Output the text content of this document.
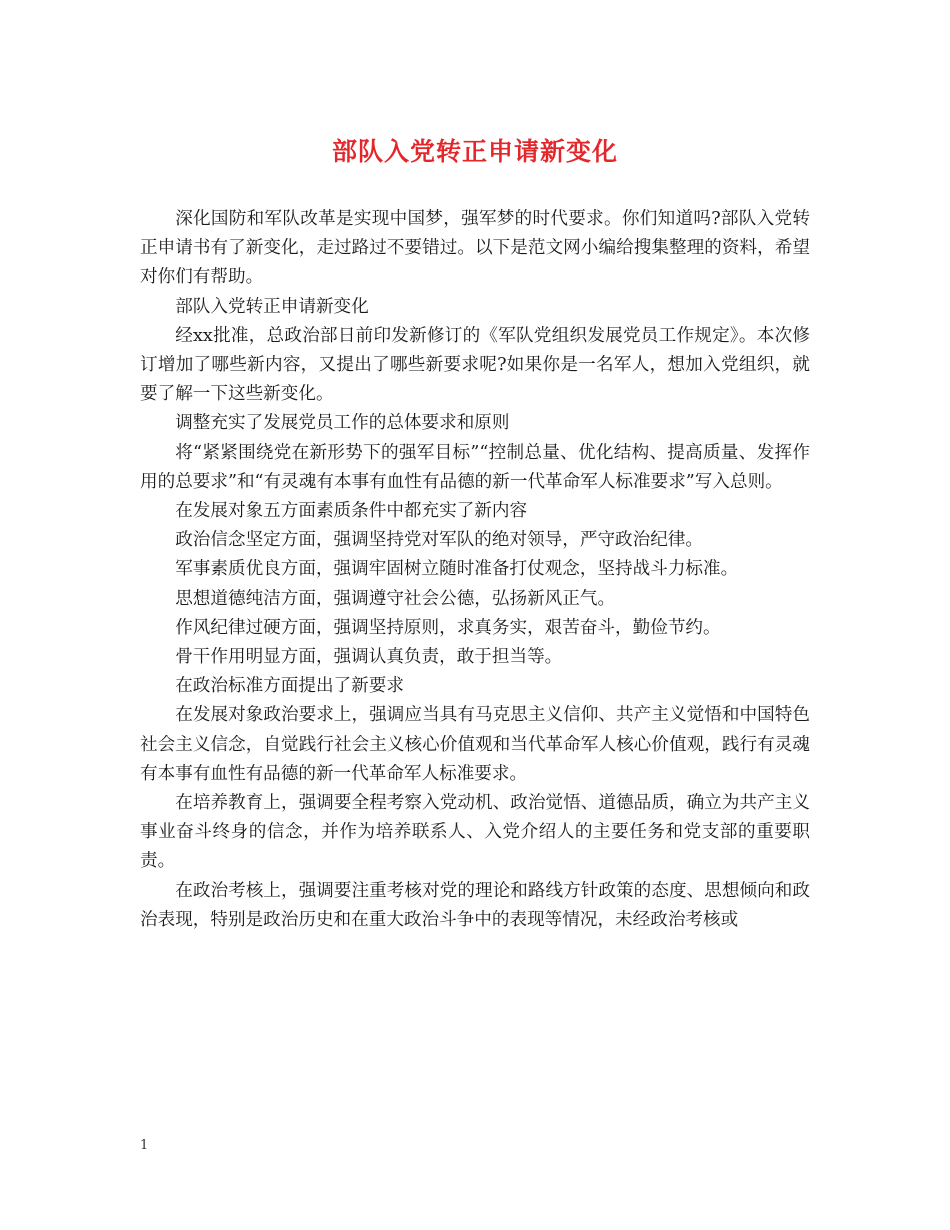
部队入党转正申请新变化

深化国防和军队改革是实现中国梦，强军梦的时代要求。你们知道吗?部队入党转正申请书有了新变化，走过路过不要错过。以下是范文网小编给搜集整理的资料，希望对你们有帮助。

部队入党转正申请新变化

经xx批准，总政治部日前印发新修订的《军队党组织发展党员工作规定》。本次修订增加了哪些新内容，又提出了哪些新要求呢?如果你是一名军人，想加入党组织，就要了解一下这些新变化。

调整充实了发展党员工作的总体要求和原则

将“紧紧围绕党在新形势下的强军目标”“控制总量、优化结构、提高质量、发挥作用的总要求”和“有灵魂有本事有血性有品德的新一代革命军人标准要求”写入总则。

在发展对象五方面素质条件中都充实了新内容

政治信念坚定方面，强调坚持党对军队的绝对领导，严守政治纪律。

军事素质优良方面，强调牢固树立随时准备打仗观念，坚持战斗力标准。

思想道德纯洁方面，强调遵守社会公德，弘扬新风正气。

作风纪律过硬方面，强调坚持原则，求真务实，艰苦奋斗，勤俭节约。

骨干作用明显方面，强调认真负责，敢于担当等。

在政治标准方面提出了新要求

在发展对象政治要求上，强调应当具有马克思主义信仰、共产主义觉悟和中国特色社会主义信念，自觉践行社会主义核心价值观和当代革命军人核心价值观，践行有灵魂有本事有血性有品德的新一代革命军人标准要求。

在培养教育上，强调要全程考察入党动机、政治觉悟、道德品质，确立为共产主义事业奋斗终身的信念，并作为培养联系人、入党介绍人的主要任务和党支部的重要职责。

在政治考核上，强调要注重考核对党的理论和路线方针政策的态度、思想倾向和政治表现，特别是政治历史和在重大政治斗争中的表现等情况，未经政治考核或

1
